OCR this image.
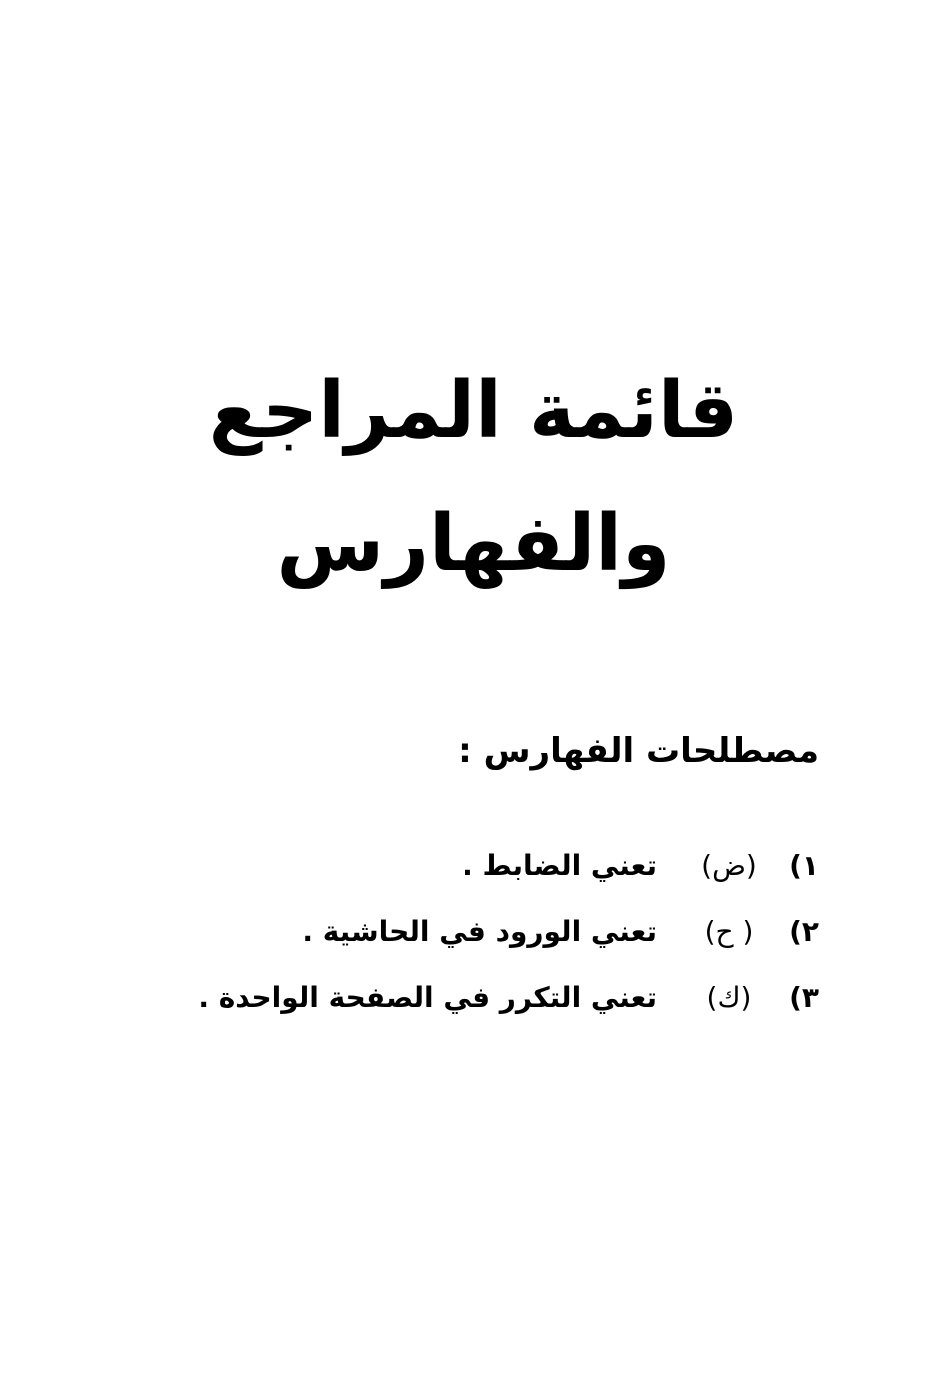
قائمة المراجع
والفهارس
مصطلحات الفهارس :
١)
(ض)
تعني الضابط .
٢)
( ح)
تعني الورود في الحاشية .
٣)
(ك)
تعني التكرر في الصفحة الواحدة .
